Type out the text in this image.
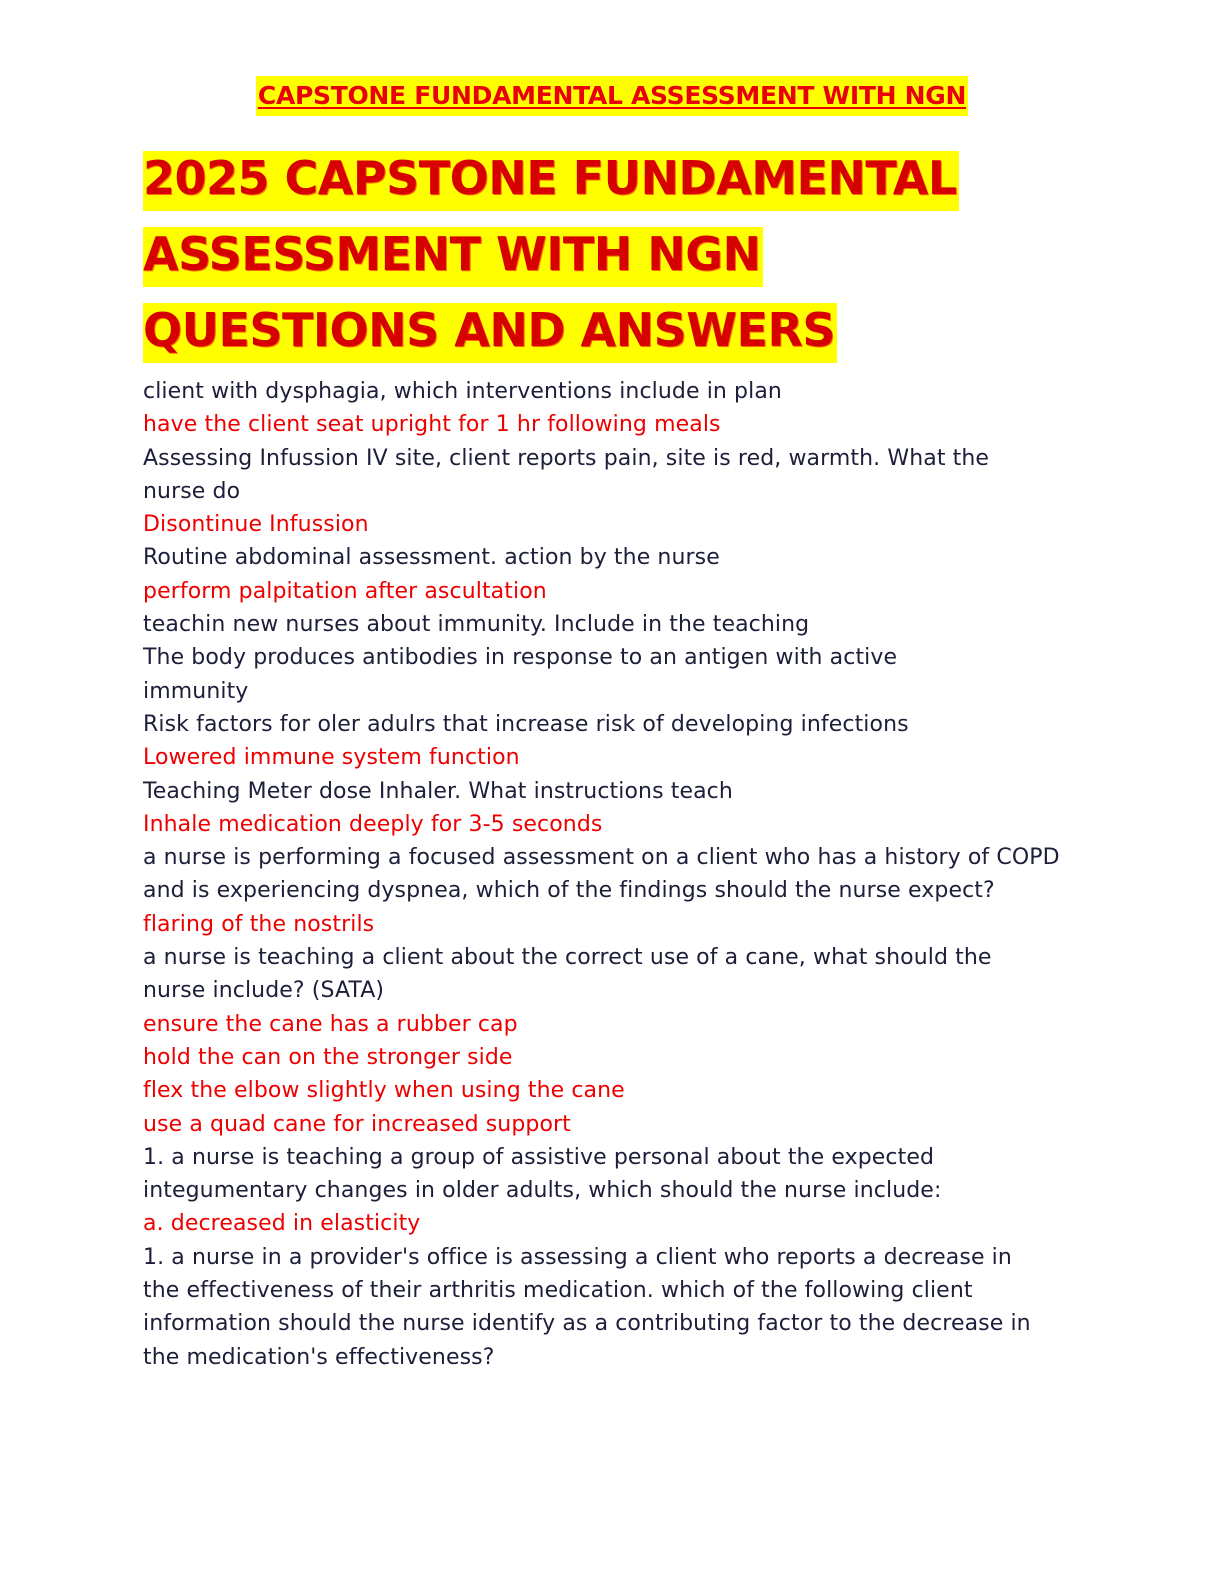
CAPSTONE FUNDAMENTAL ASSESSMENT WITH NGN
2025 CAPSTONE FUNDAMENTAL ASSESSMENT WITH NGN QUESTIONS AND ANSWERS

client with dysphagia, which interventions include in plan

have the client seat upright for 1 hr following meals

Assessing Infussion IV site, client reports pain, site is red, warmth. What the nurse do

Disontinue Infussion

Routine abdominal assessment. action by the nurse

perform palpitation after ascultation

teachin new nurses about immunity. Include in the teaching

The body produces antibodies in response to an antigen with active immunity

Risk factors for oler adulrs that increase risk of developing infections

Lowered immune system function

Teaching Meter dose Inhaler. What instructions teach

Inhale medication deeply for 3-5 seconds

a nurse is performing a focused assessment on a client who has a history of COPD and is experiencing dyspnea, which of the findings should the nurse expect?

flaring of the nostrils

a nurse is teaching a client about the correct use of a cane, what should the nurse include? (SATA)

ensure the cane has a rubber cap

hold the can on the stronger side

flex the elbow slightly when using the cane

use a quad cane for increased support

1. a nurse is teaching a group of assistive personal about the expected integumentary changes in older adults, which should the nurse include:

a. decreased in elasticity

1. a nurse in a provider's office is assessing a client who reports a decrease in the effectiveness of their arthritis medication. which of the following client information should the nurse identify as a contributing factor to the decrease in the medication's effectiveness?
